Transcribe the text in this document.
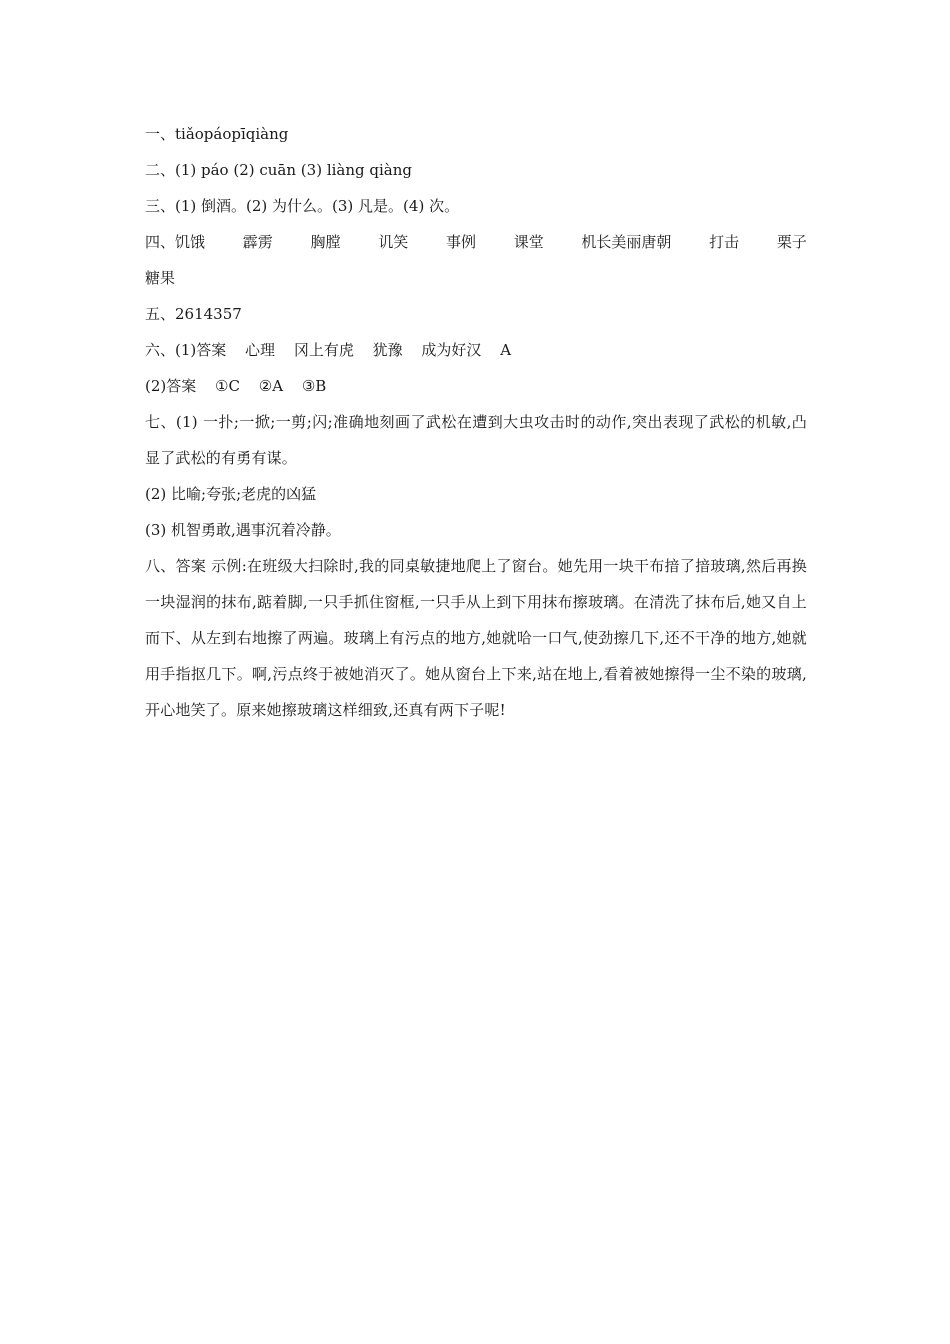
一、tiǎopáopīqiàng
二、(1) páo (2) cuān (3) liàng qiàng
三、(1) 倒酒。(2) 为什么。(3) 凡是。(4) 次。
四、饥饿	霹雳	胸膛	讥笑	事例	课堂	机长美丽唐朝	打击	栗子
糖果
五、2614357
六、(1)答案 心理 冈上有虎 犹豫 成为好汉 A
(2)答案 ①C ②A ③B
七、(1) 一扑;一掀;一剪;闪;准确地刻画了武松在遭到大虫攻击时的动作,突出表现了武松的机敏,凸显了武松的有勇有谋。
(2) 比喻;夸张;老虎的凶猛
(3) 机智勇敢,遇事沉着冷静。
八、答案 示例:在班级大扫除时,我的同桌敏捷地爬上了窗台。她先用一块干布揞了揞玻璃,然后再换一块湿润的抹布,踮着脚,一只手抓住窗框,一只手从上到下用抹布擦玻璃。在清洗了抹布后,她又自上而下、从左到右地擦了两遍。玻璃上有污点的地方,她就哈一口气,使劲擦几下,还不干净的地方,她就用手指抠几下。啊,污点终于被她消灭了。她从窗台上下来,站在地上,看着被她擦得一尘不染的玻璃,开心地笑了。原来她擦玻璃这样细致,还真有两下子呢!
